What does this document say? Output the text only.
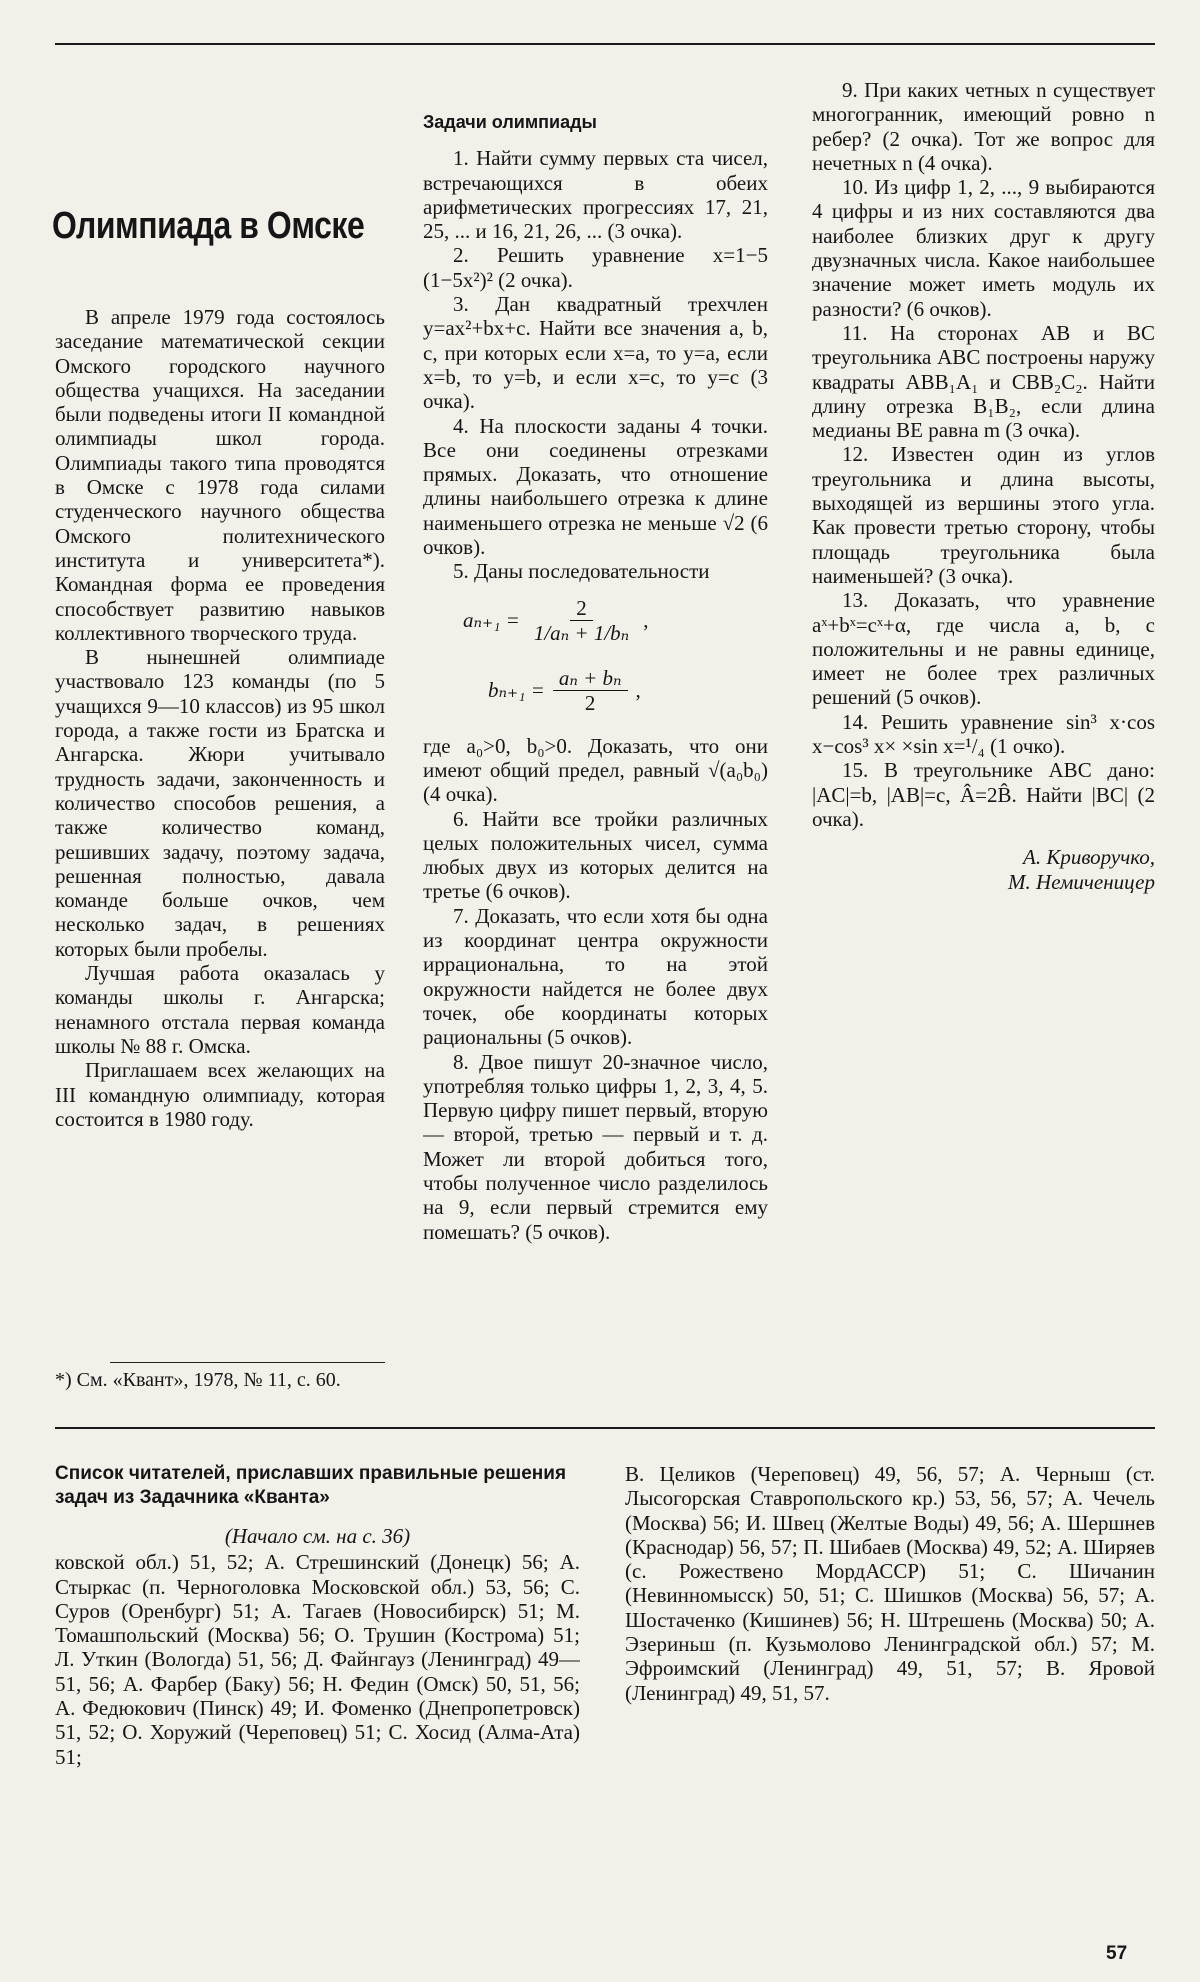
Олимпиада в Омске

В апреле 1979 года состоялось заседание математической секции Омского городского научного общества учащихся. На заседании были подведены итоги II командной олимпиады школ города. Олимпиады такого типа проводятся в Омске с 1978 года силами студенческого научного общества Омского политехнического института и университета*). Командная форма ее проведения способствует развитию навыков коллективного творческого труда.

В нынешней олимпиаде участвовало 123 команды (по 5 учащихся 9—10 классов) из 95 школ города, а также гости из Братска и Ангарска. Жюри учитывало трудность задачи, законченность и количество способов решения, а также количество команд, решивших задачу, поэтому задача, решенная полностью, давала команде больше очков, чем несколько задач, в решениях которых были пробелы.

Лучшая работа оказалась у команды школы г. Ангарска; ненамного отстала первая команда школы № 88 г. Омска.

Приглашаем всех желающих на III командную олимпиаду, которая состоится в 1980 году.

*) См. «Квант», 1978, № 11, с. 60.

Задачи олимпиады

1. Найти сумму первых ста чисел, встречающихся в обеих арифметических прогрессиях 17, 21, 25, ... и 16, 21, 26, ... (3 очка).

2. Решить уравнение x=1−5 (1−5x²)² (2 очка).

3. Дан квадратный трехчлен y=ax²+bx+c. Найти все значения a, b, c, при которых если x=a, то y=a, если x=b, то y=b, и если x=c, то y=c (3 очка).

4. На плоскости заданы 4 точки. Все они соединены отрезками прямых. Доказать, что отношение длины наибольшего отрезка к длине наименьшего отрезка не меньше √2 (6 очков).

5. Даны последовательности

$a_{n+1} = \frac{2}{\text{1/aₙ + 1/bₙ}}$ ,
$b_{n+1} = \frac{\text{aₙ + bₙ}}{2}$ ,

где a₀>0, b₀>0. Доказать, что они имеют общий предел, равный √(a₀b₀) (4 очка).

6. Найти все тройки различных целых положительных чисел, сумма любых двух из которых делится на третье (6 очков).

7. Доказать, что если хотя бы одна из координат центра окружности иррациональна, то на этой окружности найдется не более двух точек, обе координаты которых рациональны (5 очков).

8. Двое пишут 20-значное число, употребляя только цифры 1, 2, 3, 4, 5. Первую цифру пишет первый, вторую — второй, третью — первый и т. д. Может ли второй добиться того, чтобы полученное число разделилось на 9, если первый стремится ему помешать? (5 очков).

9. При каких четных n существует многогранник, имеющий ровно n ребер? (2 очка). Тот же вопрос для нечетных n (4 очка).

10. Из цифр 1, 2, ..., 9 выбираются 4 цифры и из них составляются два наиболее близких друг к другу двузначных числа. Какое наибольшее значение может иметь модуль их разности? (6 очков).

11. На сторонах AB и BC треугольника ABC построены наружу квадраты ABB₁A₁ и CBB₂C₂. Найти длину отрезка B₁B₂, если длина медианы BE равна m (3 очка).

12. Известен один из углов треугольника и длина высоты, выходящей из вершины этого угла. Как провести третью сторону, чтобы площадь треугольника была наименьшей? (3 очка).

13. Доказать, что уравнение aˣ+bˣ=cˣ+α, где числа a, b, c положительны и не равны единице, имеет не более трех различных решений (5 очков).

14. Решить уравнение sin³ x·cos x−cos³ x× ×sin x=¹/₄ (1 очко).

15. В треугольнике ABC дано: |AC|=b, |AB|=c, Â=2B̂. Найти |BC| (2 очка).

А. Криворучко,

М. Немиченицер

Список читателей, приславших правильные решения задач из Задачника «Кванта»

(Начало см. на с. 36)

ковской обл.) 51, 52; А. Стрешинский (Донецк) 56; А. Стыркас (п. Черноголовка Московской обл.) 53, 56; С. Суров (Оренбург) 51; А. Тагаев (Новосибирск) 51; М. Томашпольский (Москва) 56; О. Трушин (Кострома) 51; Л. Уткин (Вологда) 51, 56; Д. Файнгауз (Ленинград) 49—51, 56; А. Фарбер (Баку) 56; Н. Федин (Омск) 50, 51, 56; А. Федюкович (Пинск) 49; И. Фоменко (Днепропетровск) 51, 52; О. Хоружий (Череповец) 51; С. Хосид (Алма-Ата) 51;

В. Целиков (Череповец) 49, 56, 57; А. Черныш (ст. Лысогорская Ставропольского кр.) 53, 56, 57; А. Чечель (Москва) 56; И. Швец (Желтые Воды) 49, 56; А. Шершнев (Краснодар) 56, 57; П. Шибаев (Москва) 49, 52; А. Ширяев (с. Рожествено МордАССР) 51; С. Шичанин (Невинномысск) 50, 51; С. Шишков (Москва) 56, 57; А. Шостаченко (Кишинев) 56; Н. Штрешень (Москва) 50; А. Эзериньш (п. Кузьмолово Ленинградской обл.) 57; М. Эфроимский (Ленинград) 49, 51, 57; В. Яровой (Ленинград) 49, 51, 57.

57
